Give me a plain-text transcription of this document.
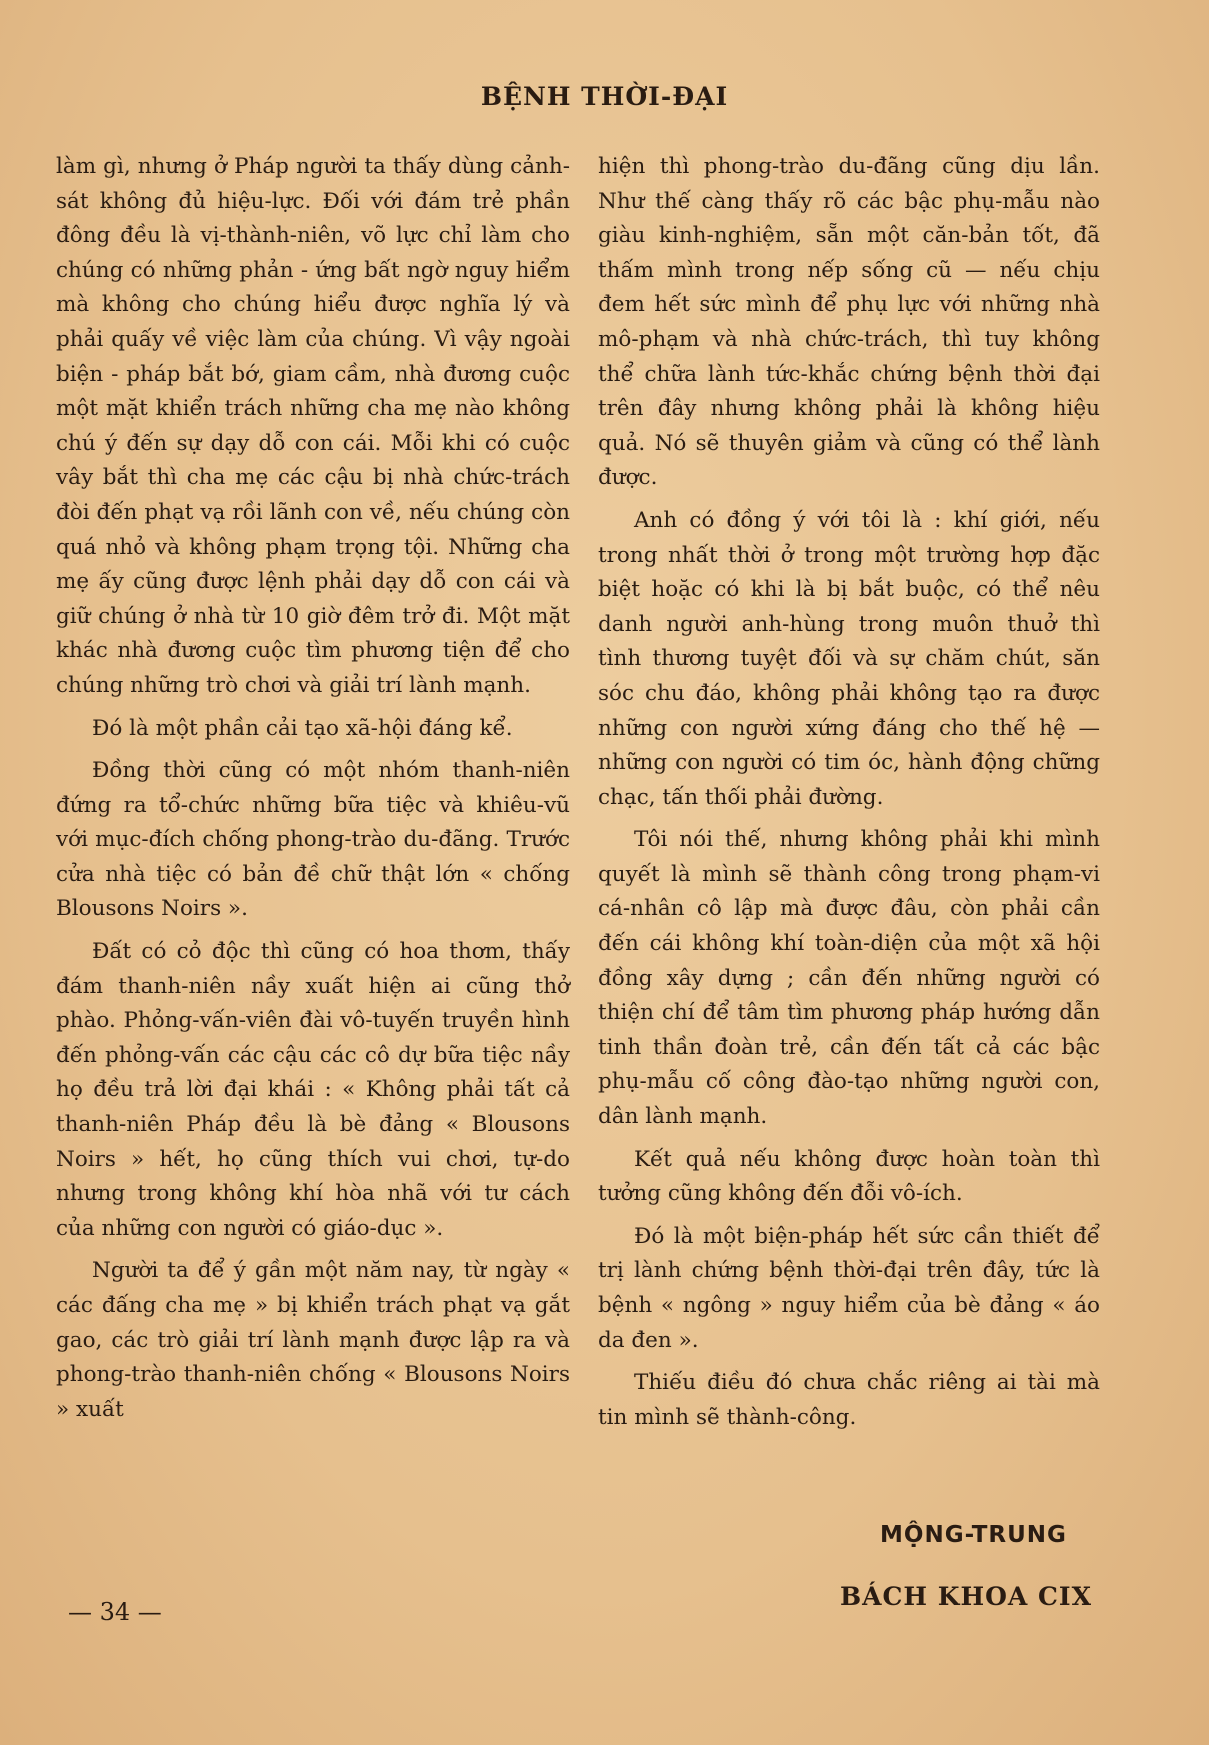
BỆNH THỜI-ĐẠI

làm gì, nhưng ở Pháp người ta thấy dùng cảnh-sát không đủ hiệu-lực. Đối với đám trẻ phần đông đều là vị-thành-niên, võ lực chỉ làm cho chúng có những phản - ứng bất ngờ nguy hiểm mà không cho chúng hiểu được nghĩa lý và phải quấy về việc làm của chúng. Vì vậy ngoài biện - pháp bắt bớ, giam cầm, nhà đương cuộc một mặt khiển trách những cha mẹ nào không chú ý đến sự dạy dỗ con cái. Mỗi khi có cuộc vây bắt thì cha mẹ các cậu bị nhà chức-trách đòi đến phạt vạ rồi lãnh con về, nếu chúng còn quá nhỏ và không phạm trọng tội. Những cha mẹ ấy cũng được lệnh phải dạy dỗ con cái và giữ chúng ở nhà từ 10 giờ đêm trở đi. Một mặt khác nhà đương cuộc tìm phương tiện để cho chúng những trò chơi và giải trí lành mạnh.

Đó là một phần cải tạo xã-hội đáng kể.

Đồng thời cũng có một nhóm thanh-niên đứng ra tổ-chức những bữa tiệc và khiêu-vũ với mục-đích chống phong-trào du-đãng. Trước cửa nhà tiệc có bản đề chữ thật lớn « chống Blousons Noirs ».

Đất có cỏ độc thì cũng có hoa thơm, thấy đám thanh-niên nầy xuất hiện ai cũng thở phào. Phỏng-vấn-viên đài vô-tuyến truyền hình đến phỏng-vấn các cậu các cô dự bữa tiệc nầy họ đều trả lời đại khái : « Không phải tất cả thanh-niên Pháp đều là bè đảng « Blousons Noirs » hết, họ cũng thích vui chơi, tự-do nhưng trong không khí hòa nhã với tư cách của những con người có giáo-dục ».

Người ta để ý gần một năm nay, từ ngày « các đấng cha mẹ » bị khiển trách phạt vạ gắt gao, các trò giải trí lành mạnh được lập ra và phong-trào thanh-niên chống « Blousons Noirs » xuất

hiện thì phong-trào du-đãng cũng dịu lần. Như thế càng thấy rõ các bậc phụ-mẫu nào giàu kinh-nghiệm, sẵn một căn-bản tốt, đã thấm mình trong nếp sống cũ — nếu chịu đem hết sức mình để phụ lực với những nhà mô-phạm và nhà chức-trách, thì tuy không thể chữa lành tức-khắc chứng bệnh thời đại trên đây nhưng không phải là không hiệu quả. Nó sẽ thuyên giảm và cũng có thể lành được.

Anh có đồng ý với tôi là : khí giới, nếu trong nhất thời ở trong một trường hợp đặc biệt hoặc có khi là bị bắt buộc, có thể nêu danh người anh-hùng trong muôn thuở thì tình thương tuyệt đối và sự chăm chút, săn sóc chu đáo, không phải không tạo ra được những con người xứng đáng cho thế hệ — những con người có tim óc, hành động chững chạc, tấn thối phải đường.

Tôi nói thế, nhưng không phải khi mình quyết là mình sẽ thành công trong phạm-vi cá-nhân cô lập mà được đâu, còn phải cần đến cái không khí toàn-diện của một xã hội đồng xây dựng ; cần đến những người có thiện chí để tâm tìm phương pháp hướng dẫn tinh thần đoàn trẻ, cần đến tất cả các bậc phụ-mẫu cố công đào-tạo những người con, dân lành mạnh.

Kết quả nếu không được hoàn toàn thì tưởng cũng không đến đỗi vô-ích.

Đó là một biện-pháp hết sức cần thiết để trị lành chứng bệnh thời-đại trên đây, tức là bệnh « ngông » nguy hiểm của bè đảng « áo da đen ».

Thiếu điều đó chưa chắc riêng ai tài mà tin mình sẽ thành-công.

MỘNG-TRUNG
— 34 —
BÁCH KHOA CIX
